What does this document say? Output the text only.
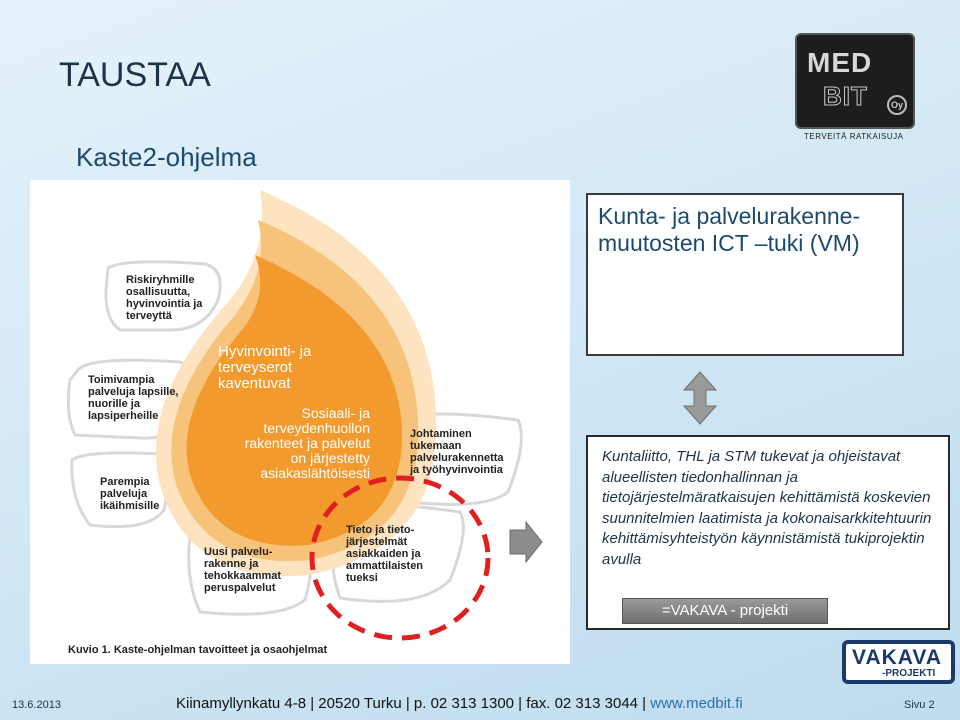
TAUSTAA
Kaste2-ohjelma
MED
BIT	Oy
TERVEITÄ RATKAISUJA
Riskiryhmille osallisuutta, hyvinvointia ja terveyttä
Toimivampia palveluja lapsille, nuorille ja lapsiperheille
Parempia palveluja ikäihmisille
Uusi palvelu-rakenne ja tehokkaammat peruspalvelut
Tieto ja tieto-järjestelmät asiakkaiden ja ammattilaisten tueksi
Johtaminen tukemaan palvelurakennetta ja työhyvinvointia
Hyvinvointi- ja terveyserot kaventuvat
Sosiaali- ja terveydenhuollon rakenteet ja palvelut on järjestetty asiakaslähtöisesti
Kuvio 1. Kaste-ohjelman tavoitteet ja osaohjelmat
Kunta- ja palvelurakenne-muutosten ICT –tuki (VM)
Kuntaliitto, THL ja STM tukevat ja ohjeistavat alueellisten tiedonhallinnan ja tietojärjestelmäratkaisujen kehittämistä koskevien suunnitelmien laatimista ja kokonaisarkkitehtuurin kehittämisyhteistyön käynnistämistä tukiprojektin avulla
=VAKAVA - projekti
VAKAVA
-PROJEKTI
13.6.2013	Kiinamyllynkatu 4-8 | 20520 Turku | p. 02 313 1300 | fax. 02 313 3044 | www.medbit.fi	Sivu 2
